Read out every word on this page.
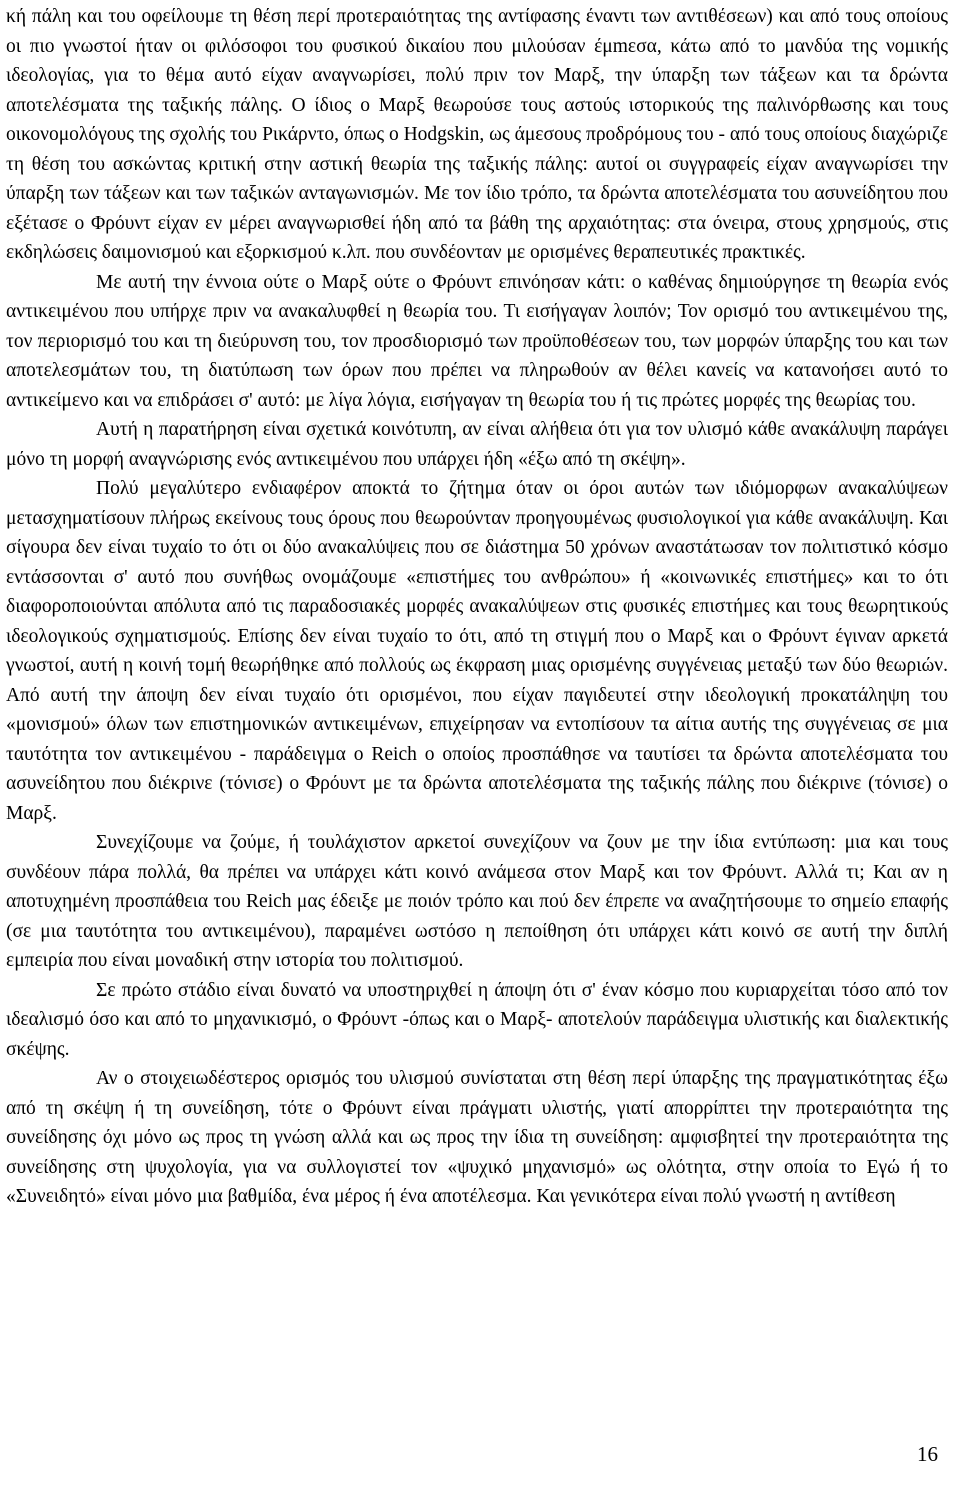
κή πάλη και του οφείλουμε τη θέση περί προτεραιότητας της αντίφασης έναντι των αντιθέσεων) και από τους οποίους οι πιο γνωστοί ήταν οι φιλόσοφοι του φυσικού δικαίου που μιλούσαν έμmεσα, κάτω από το μανδύα της νομικής ιδεολογίας, για το θέμα αυτό είχαν αναγνωρίσει, πολύ πριν τον Μαρξ, την ύπαρξη των τάξεων και τα δρώντα αποτελέσματα της ταξικής πάλης. Ο ίδιος ο Μαρξ θεωρούσε τους αστούς ιστορικούς της παλινόρθωσης και τους οικονομολόγους της σχολής του Ρικάρντο, όπως ο Hodgskin, ως άμεσους προδρόμους του - από τους οποίους διαχώριζε τη θέση του ασκώντας κριτική στην αστική θεωρία της ταξικής πάλης: αυτοί οι συγγραφείς είχαν αναγνωρίσει την ύπαρξη των τάξεων και των ταξικών ανταγωνισμών. Με τον ίδιο τρόπο, τα δρώντα αποτελέσματα του ασυνείδητου που εξέτασε ο Φρόυντ είχαν εν μέρει αναγνωρισθεί ήδη από τα βάθη της αρχαιότητας: στα όνειρα, στους χρησμούς, στις εκδηλώσεις δαιμονισμού και εξορκισμού κ.λπ. που συνδέονταν με ορισμένες θεραπευτικές πρακτικές.

Με αυτή την έννοια ούτε ο Μαρξ ούτε ο Φρόυντ επινόησαν κάτι: ο καθένας δημιούργησε τη θεωρία ενός αντικειμένου που υπήρχε πριν να ανακαλυφθεί η θεωρία του. Τι εισήγαγαν λοιπόν; Τον ορισμό του αντικειμένου της, τον περιορισμό του και τη διεύρυνση του, τον προσδιορισμό των προϋποθέσεων του, των μορφών ύπαρξης του και των αποτελεσμάτων του, τη διατύπωση των όρων που πρέπει να πληρωθούν αν θέλει κανείς να κατανοήσει αυτό το αντικείμενο και να επιδράσει σ' αυτό: με λίγα λόγια, εισήγαγαν τη θεωρία του ή τις πρώτες μορφές της θεωρίας του.

Αυτή η παρατήρηση είναι σχετικά κοινότυπη, αν είναι αλήθεια ότι για τον υλισμό κάθε ανακάλυψη παράγει μόνο τη μορφή αναγνώρισης ενός αντικειμένου που υπάρχει ήδη «έξω από τη σκέψη».

Πολύ μεγαλύτερο ενδιαφέρον αποκτά το ζήτημα όταν οι όροι αυτών των ιδιόμορφων ανακαλύψεων μετασχηματίσουν πλήρως εκείνους τους όρους που θεωρούνταν προηγουμένως φυσιολογικοί για κάθε ανακάλυψη. Και σίγουρα δεν είναι τυχαίο το ότι οι δύο ανακαλύψεις που σε διάστημα 50 χρόνων αναστάτωσαν τον πολιτιστικό κόσμο εντάσσονται σ' αυτό που συνήθως ονομάζουμε «επιστήμες του ανθρώπου» ή «κοινωνικές επιστήμες» και το ότι διαφοροποιούνται απόλυτα από τις παραδοσιακές μορφές ανακαλύψεων στις φυσικές επιστήμες και τους θεωρητικούς ιδεολογικούς σχηματισμούς. Επίσης δεν είναι τυχαίο το ότι, από τη στιγμή που ο Μαρξ και ο Φρόυντ έγιναν αρκετά γνωστοί, αυτή η κοινή τομή θεωρήθηκε από πολλούς ως έκφραση μιας ορισμένης συγγένειας μεταξύ των δύο θεωριών. Από αυτή την άποψη δεν είναι τυχαίο ότι ορισμένοι, που είχαν παγιδευτεί στην ιδεολογική προκατάληψη του «μονισμού» όλων των επιστημονικών αντικειμένων, επιχείρησαν να εντοπίσουν τα αίτια αυτής της συγγένειας σε μια ταυτότητα τον αντικειμένου - παράδειγμα ο Reich ο οποίος προσπάθησε να ταυτίσει τα δρώντα αποτελέσματα του ασυνείδητου που διέκρινε (τόνισε) ο Φρόυντ με τα δρώντα αποτελέσματα της ταξικής πάλης που διέκρινε (τόνισε) ο Μαρξ.

Συνεχίζουμε να ζούμε, ή τουλάχιστον αρκετοί συνεχίζουν να ζουν με την ίδια εντύπωση: μια και τους συνδέουν πάρα πολλά, θα πρέπει να υπάρχει κάτι κοινό ανάμεσα στον Μαρξ και τον Φρόυντ. Αλλά τι; Και αν η αποτυχημένη προσπάθεια του Reich μας έδειξε με ποιόν τρόπο και πού δεν έπρεπε να αναζητήσουμε το σημείο επαφής (σε μια ταυτότητα του αντικειμένου), παραμένει ωστόσο η πεποίθηση ότι υπάρχει κάτι κοινό σε αυτή την διπλή εμπειρία που είναι μοναδική στην ιστορία του πολιτισμού.

Σε πρώτο στάδιο είναι δυνατό να υποστηριχθεί η άποψη ότι σ' έναν κόσμο που κυριαρχείται τόσο από τον ιδεαλισμό όσο και από το μηχανικισμό, ο Φρόυντ -όπως και ο Μαρξ- αποτελούν παράδειγμα υλιστικής και διαλεκτικής σκέψης.

Αν ο στοιχειωδέστερος ορισμός του υλισμού συνίσταται στη θέση περί ύπαρξης της πραγματικότητας έξω από τη σκέψη ή τη συνείδηση, τότε ο Φρόυντ είναι πράγματι υλιστής, γιατί απορρίπτει την προτεραιότητα της συνείδησης όχι μόνο ως προς τη γνώση αλλά και ως προς την ίδια τη συνείδηση: αμφισβητεί την προτεραιότητα της συνείδησης στη ψυχολογία, για να συλλογιστεί τον «ψυχικό μηχανισμό» ως ολότητα, στην οποία το Εγώ ή το «Συνειδητό» είναι μόνο μια βαθμίδα, ένα μέρος ή ένα αποτέλεσμα. Και γενικότερα είναι πολύ γνωστή η αντίθεση

16
